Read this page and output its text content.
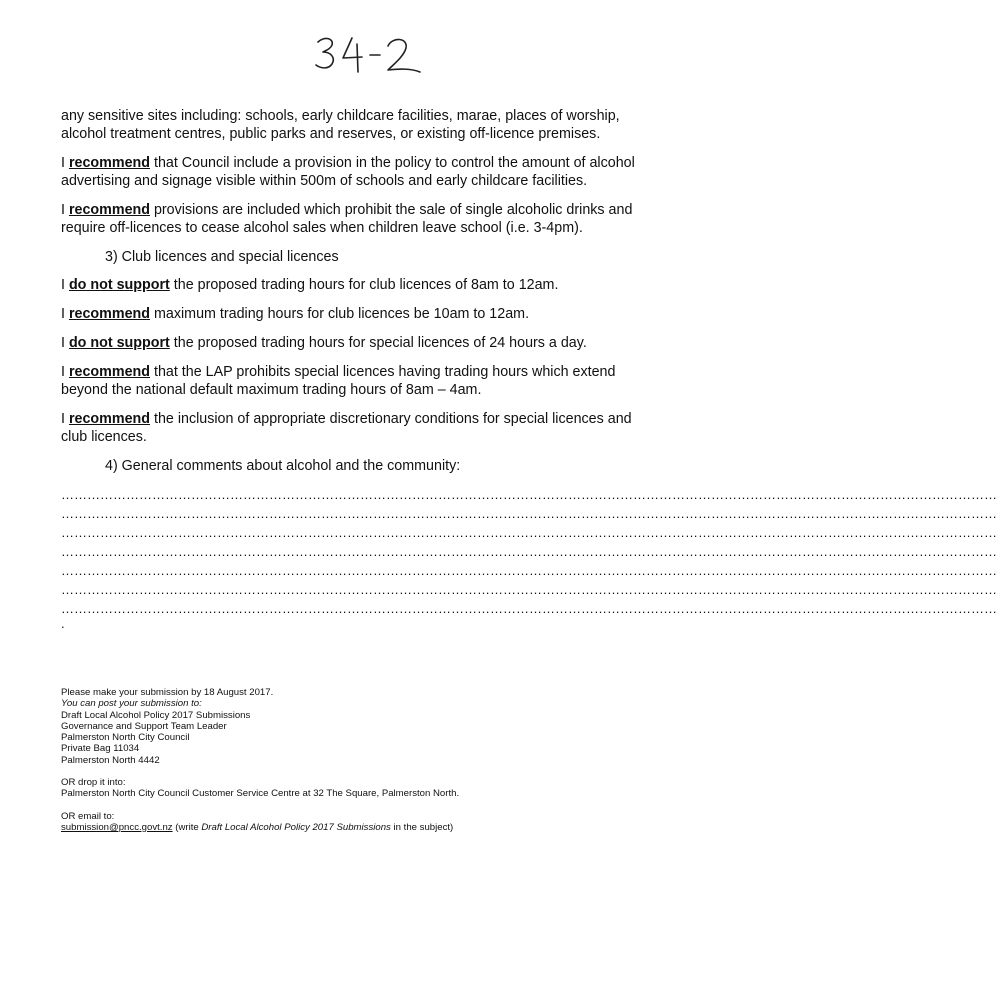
any sensitive sites including: schools, early childcare facilities, marae, places of worship, alcohol treatment centres, public parks and reserves, or existing off-licence premises.

I recommend that Council include a provision in the policy to control the amount of alcohol advertising and signage visible within 500m of schools and early childcare facilities.

I recommend provisions are included which prohibit the sale of single alcoholic drinks and require off-licences to cease alcohol sales when children leave school (i.e. 3-4pm).

3) Club licences and special licences

I do not support the proposed trading hours for club licences of 8am to 12am.

I recommend maximum trading hours for club licences be 10am to 12am.

I do not support the proposed trading hours for special licences of 24 hours a day.

I recommend that the LAP prohibits special licences having trading hours which extend beyond the national default maximum trading hours of 8am – 4am.

I recommend the inclusion of appropriate discretionary conditions for special licences and club licences.

4) General comments about alcohol and the community:

………………………………………………………………………………………………………………………………………………………………………………………………
………………………………………………………………………………………………………………………………………………………………………………………………
………………………………………………………………………………………………………………………………………………………………………………………………
………………………………………………………………………………………………………………………………………………………………………………………………
………………………………………………………………………………………………………………………………………………………………………………………………
………………………………………………………………………………………………………………………………………………………………………………………………
………………………………………………………………………………………………………………………………………………………………………………………………
.

Please make your submission by 18 August 2017.

You can post your submission to:

Draft Local Alcohol Policy 2017 Submissions

Governance and Support Team Leader

Palmerston North City Council

Private Bag 11034

Palmerston North 4442

OR drop it into:

Palmerston North City Council Customer Service Centre at 32 The Square, Palmerston North.

OR email to:

submission@pncc.govt.nz (write Draft Local Alcohol Policy 2017 Submissions in the subject)
